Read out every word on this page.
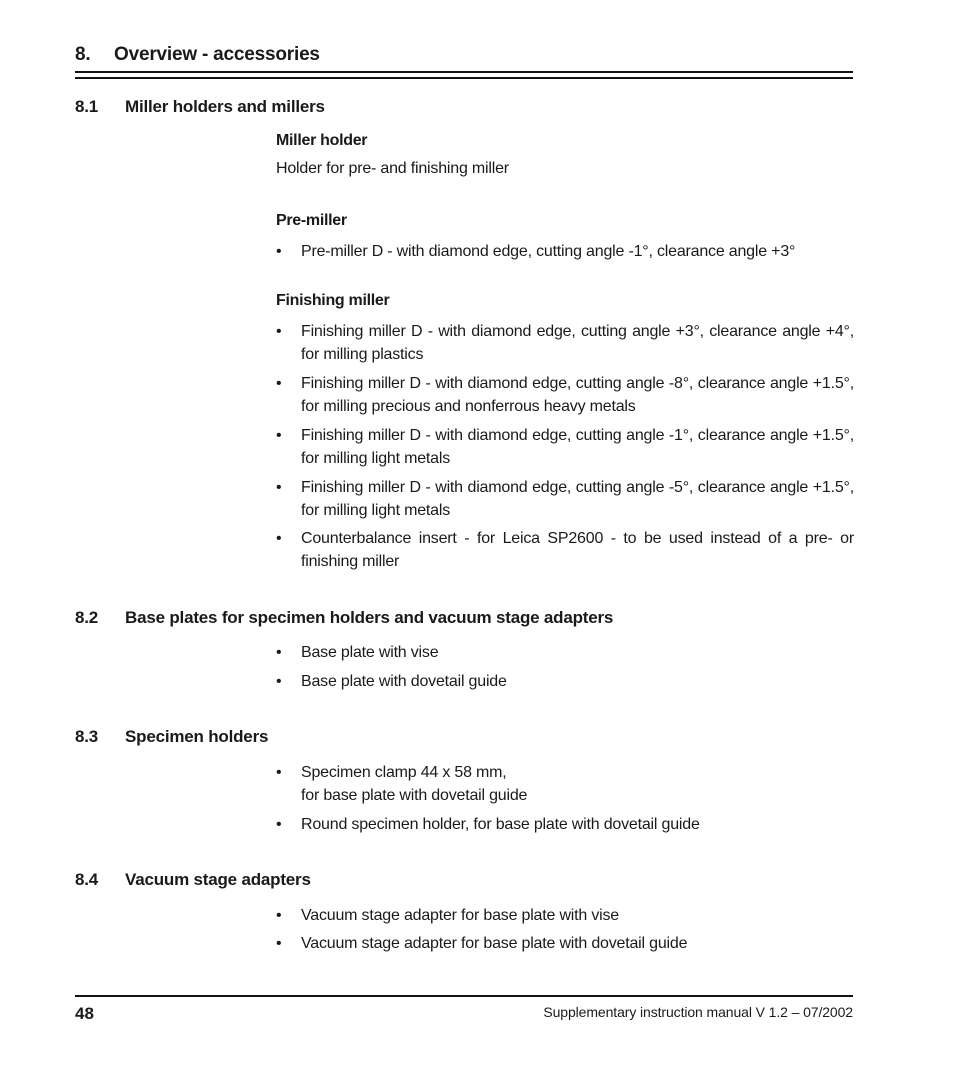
8. Overview - accessories
8.1 Miller holders and millers
Miller holder
Holder for pre- and finishing miller
Pre-miller
• Pre-miller D - with diamond edge, cutting angle -1°, clearance angle +3°
Finishing miller
• Finishing miller D - with diamond edge, cutting angle +3°, clearance angle +4°, for milling plastics
• Finishing miller D - with diamond edge, cutting angle -8°, clearance angle +1.5°, for milling precious and nonferrous heavy metals
• Finishing miller D - with diamond edge, cutting angle -1°, clearance angle +1.5°, for milling light metals
• Finishing miller D - with diamond edge, cutting angle -5°, clearance angle +1.5°, for milling light metals
• Counterbalance insert - for Leica SP2600 - to be used instead of a pre- or finishing miller
8.2 Base plates for specimen holders and vacuum stage adapters
• Base plate with vise
• Base plate with dovetail guide
8.3 Specimen holders
• Specimen clamp 44 x 58 mm,
for base plate with dovetail guide
• Round specimen holder, for base plate with dovetail guide
8.4 Vacuum stage adapters
• Vacuum stage adapter for base plate with vise
• Vacuum stage adapter for base plate with dovetail guide
48	Supplementary instruction manual V 1.2 – 07/2002
